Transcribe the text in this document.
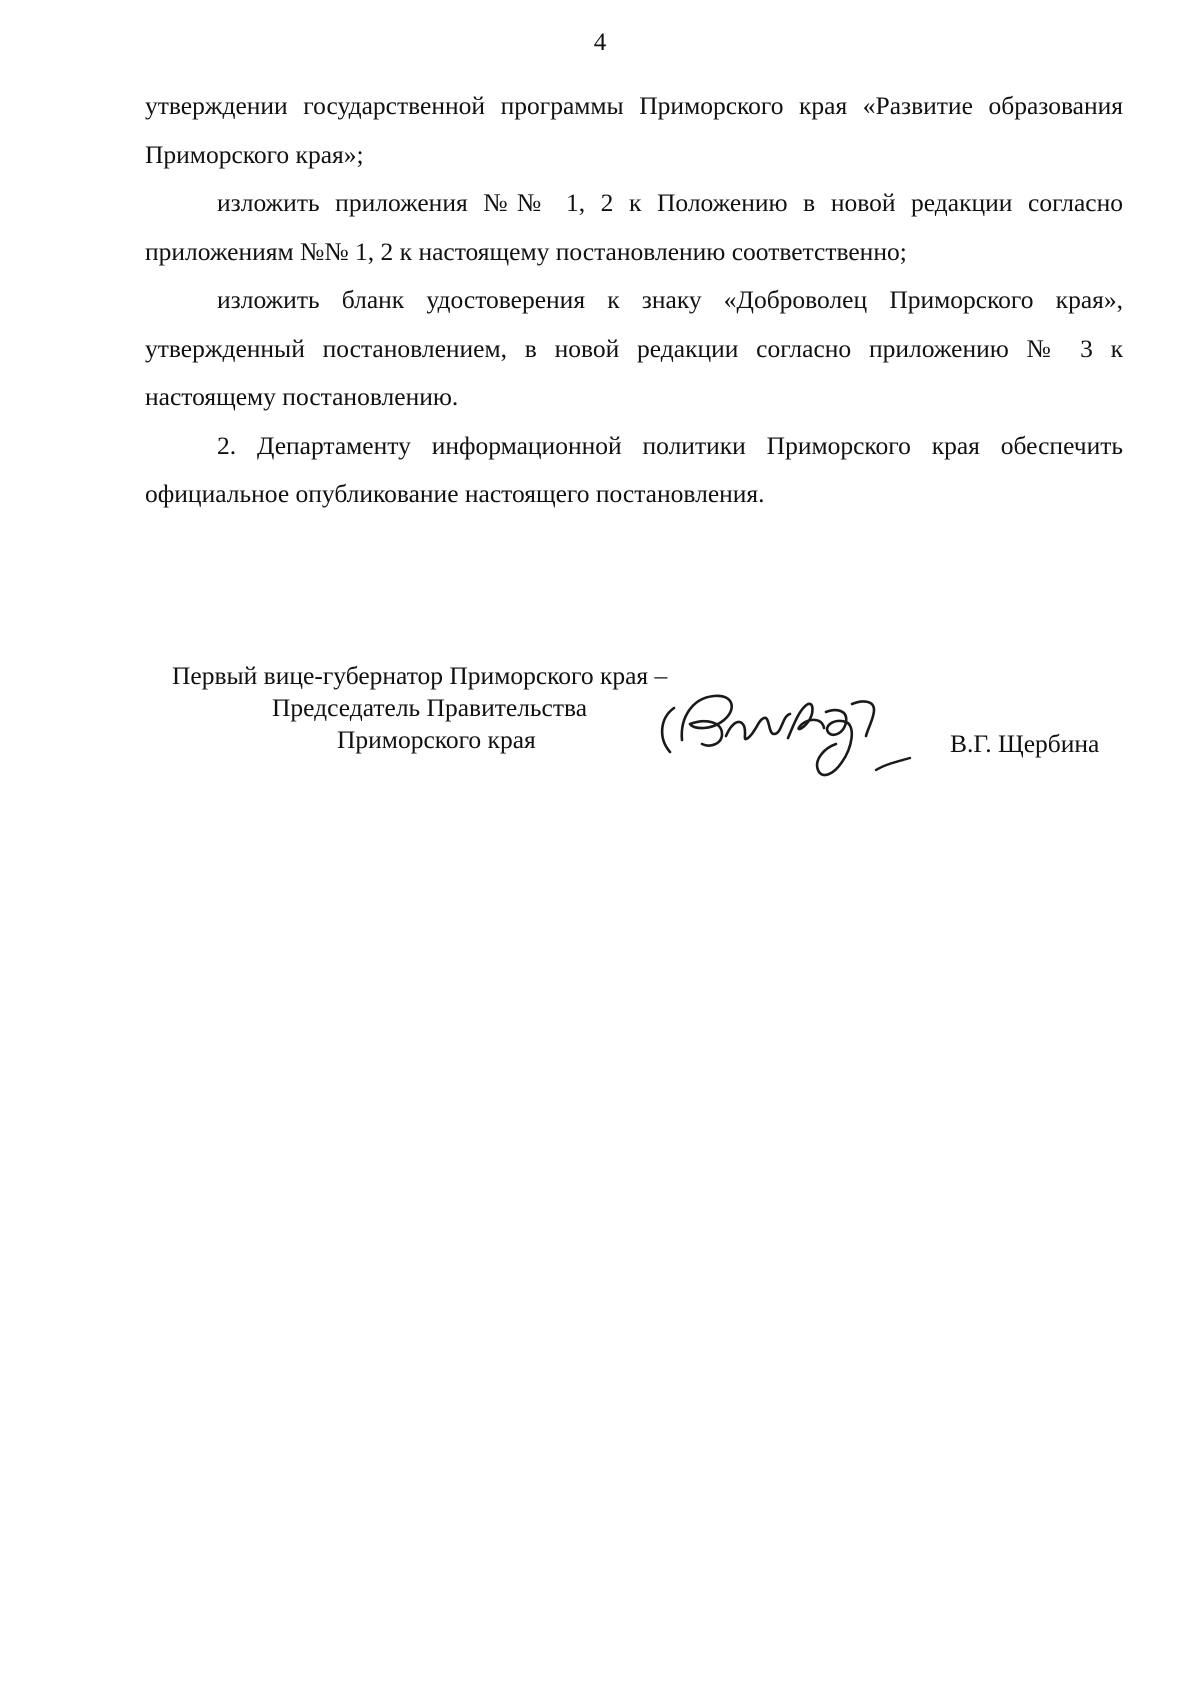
4

утверждении государственной программы Приморского края «Развитие образования Приморского края»;

изложить приложения №№ 1, 2 к Положению в новой редакции согласно приложениям №№ 1, 2 к настоящему постановлению соответственно;

изложить бланк удостоверения к знаку «Доброволец Приморского края», утвержденный постановлением, в новой редакции согласно приложению № 3 к настоящему постановлению.

2. Департаменту информационной политики Приморского края обеспечить официальное опубликование настоящего постановления.

Первый вице-губернатор Приморского края –
Председатель Правительства
Приморского края	В.Г. Щербина
